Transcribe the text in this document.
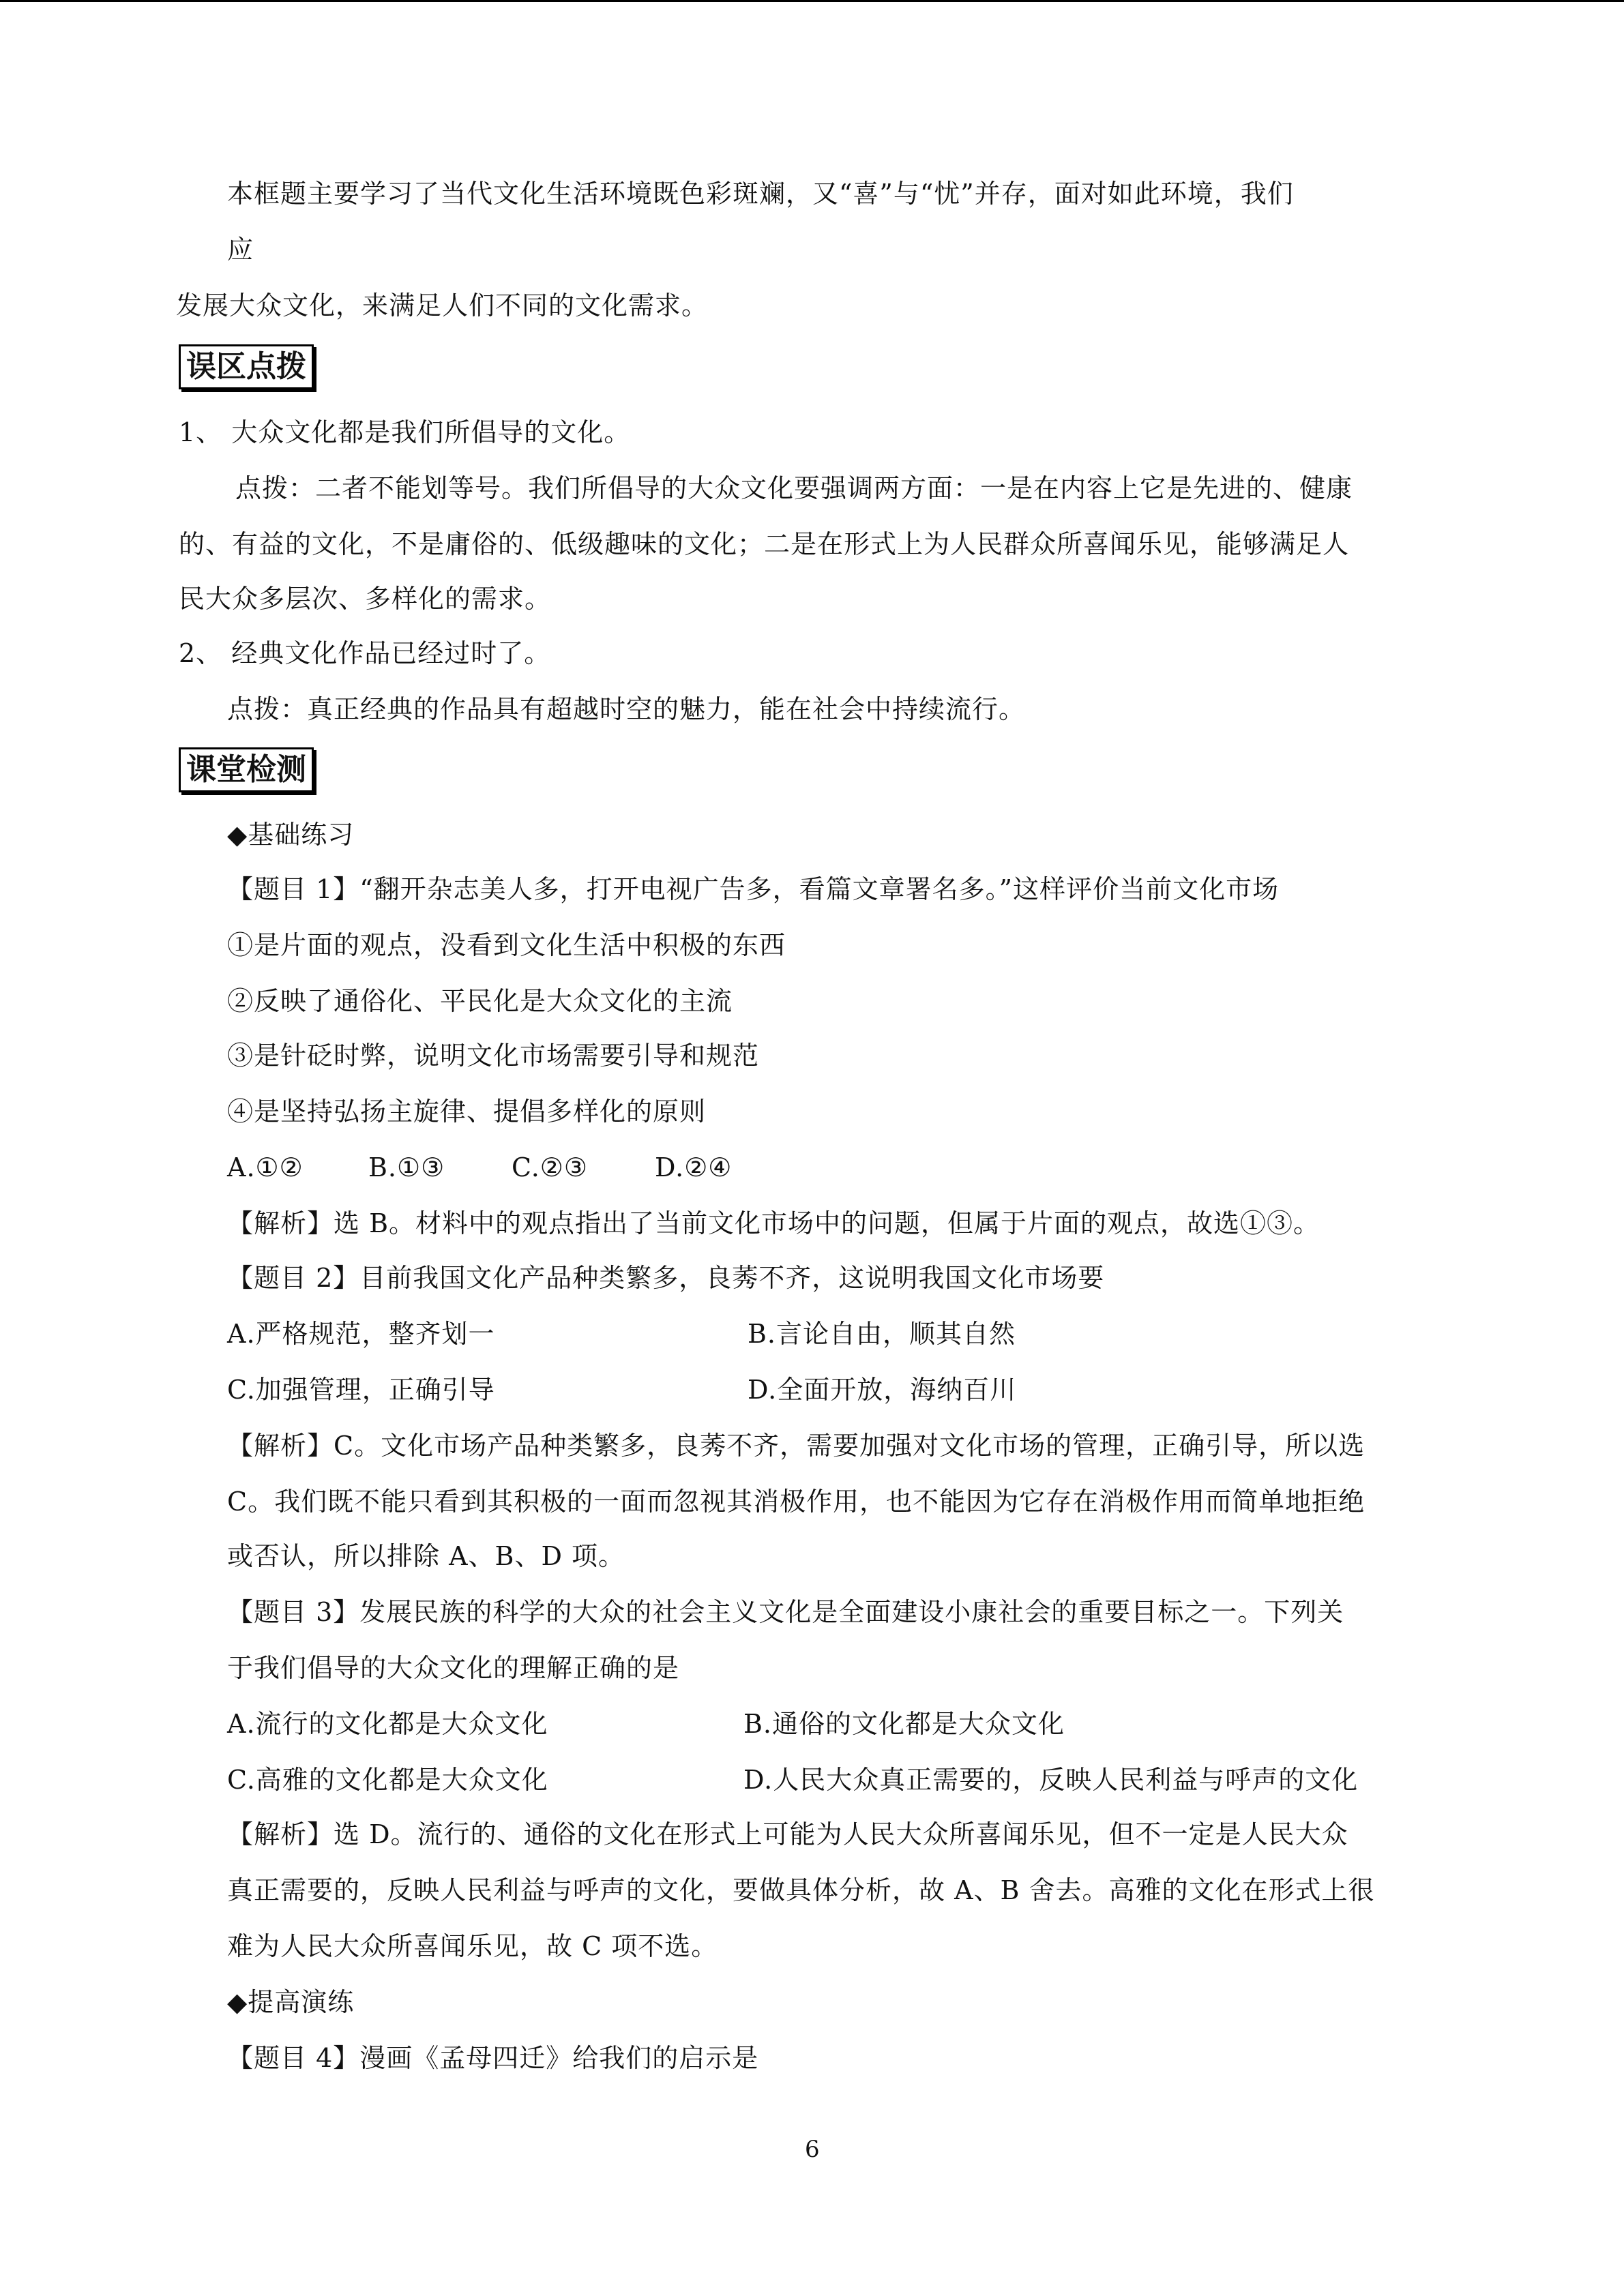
本框题主要学习了当代文化生活环境既色彩斑斓，又“喜”与“忧”并存，面对如此环境，我们
应
发展大众文化，来满足人们不同的文化需求。
误区点拨
1、 大众文化都是我们所倡导的文化。
点拨：二者不能划等号。我们所倡导的大众文化要强调两方面：一是在内容上它是先进的、健康
的、有益的文化，不是庸俗的、低级趣味的文化；二是在形式上为人民群众所喜闻乐见，能够满足人
民大众多层次、多样化的需求。
2、 经典文化作品已经过时了。
点拨：真正经典的作品具有超越时空的魅力，能在社会中持续流行。
课堂检测
◆基础练习
【题目 1】“翻开杂志美人多，打开电视广告多，看篇文章署名多。”这样评价当前文化市场
①是片面的观点，没看到文化生活中积极的东西
②反映了通俗化、平民化是大众文化的主流
③是针砭时弊，说明文化市场需要引导和规范
④是坚持弘扬主旋律、提倡多样化的原则
A.①②	B.①③	C.②③	D.②④
【解析】选 B。材料中的观点指出了当前文化市场中的问题，但属于片面的观点，故选①③。
【题目 2】目前我国文化产品种类繁多，良莠不齐，这说明我国文化市场要
A.严格规范，整齐划一	B.言论自由，顺其自然
C.加强管理，正确引导	D.全面开放，海纳百川
【解析】C。文化市场产品种类繁多，良莠不齐，需要加强对文化市场的管理，正确引导，所以选
C。我们既不能只看到其积极的一面而忽视其消极作用，也不能因为它存在消极作用而简单地拒绝
或否认，所以排除 A、B、D 项。
【题目 3】发展民族的科学的大众的社会主义文化是全面建设小康社会的重要目标之一。下列关
于我们倡导的大众文化的理解正确的是
A.流行的文化都是大众文化	B.通俗的文化都是大众文化
C.高雅的文化都是大众文化	D.人民大众真正需要的，反映人民利益与呼声的文化
【解析】选 D。流行的、通俗的文化在形式上可能为人民大众所喜闻乐见，但不一定是人民大众
真正需要的，反映人民利益与呼声的文化，要做具体分析，故 A、B 舍去。高雅的文化在形式上很
难为人民大众所喜闻乐见，故 C 项不选。
◆提高演练
【题目 4】漫画《孟母四迁》给我们的启示是
6
